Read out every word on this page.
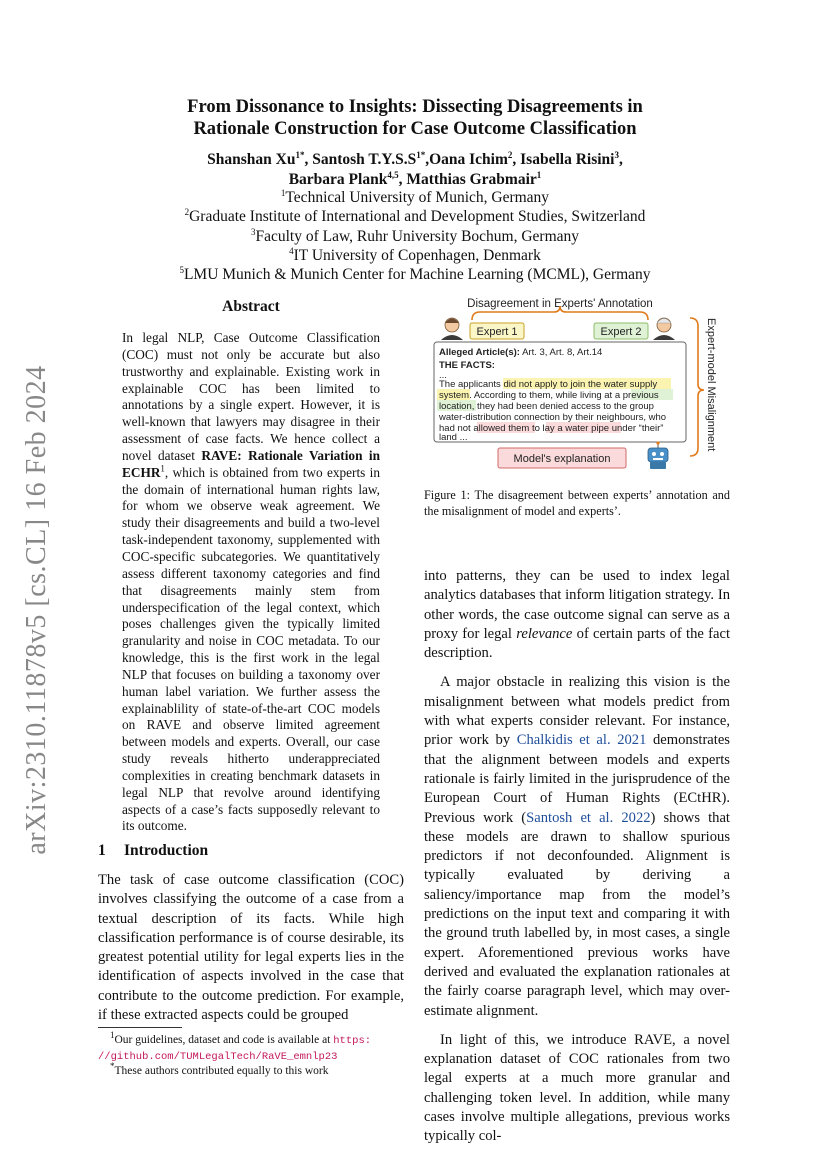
arXiv:2310.11878v5 [cs.CL] 16 Feb 2024
From Dissonance to Insights: Dissecting Disagreements in
Rationale Construction for Case Outcome Classification
Shanshan $Xu^{1*}$, Santosh $T.Y.S.S^{1*},Oana$ Ichim$^2$, Isabella Risini$^3$,
Barbara Plank$^{4,5}$, Matthias Grabmair$^1$
$^1$Technical University of Munich, Germany
$^2$Graduate Institute of International and Development Studies, Switzerland
$^3$Faculty of Law, Ruhr University Bochum, Germany
$^4$IT University of Copenhagen, Denmark
$^5$LMU Munich & Munich Center for Machine Learning (MCML), Germany
Abstract
In legal NLP, Case Outcome Classification (COC) must not only be accurate but also trustworthy and explainable. Existing work in explainable COC has been limited to annotations by a single expert. However, it is well-known that lawyers may disagree in their assessment of case facts. We hence collect a novel dataset RAVE: Rationale Variation in ECHR$^1$, which is obtained from two experts in the domain of international human rights law, for whom we observe weak agreement. We study their disagreements and build a two-level task-independent taxonomy, supplemented with COC-specific subcategories. We quantitatively assess different taxonomy categories and find that disagreements mainly stem from underspecification of the legal context, which poses challenges given the typically limited granularity and noise in COC metadata. To our knowledge, this is the first work in the legal NLP that focuses on building a taxonomy over human label variation. We further assess the explainablility of state-of-the-art COC models on RAVE and observe limited agreement between models and experts. Overall, our case study reveals hitherto underappreciated complexities in creating benchmark datasets in legal NLP that revolve around identifying aspects of a case’s facts supposedly relevant to its outcome.
1 Introduction
The task of case outcome classification (COC) involves classifying the outcome of a case from a textual description of its facts. While high classification performance is of course desirable, its greatest potential utility for legal experts lies in the identification of aspects involved in the case that contribute to the outcome prediction. For example, if these extracted aspects could be grouped
$^1$Our guidelines, dataset and code is available at https:
//github.com/TUMLegalTech/RaVE_emnlp23
*These authors contributed equally to this work
Disagreement in Experts' Annotation
Expert 1	Expert 2	Expert-model Misalignment
Alleged Article(s): Art. 3, Art. 8, Art.14
THE FACTS:
...
The applicants did not apply to join the water supply
system. According to them, while living at a previous
location, they had been denied access to the group
water-distribution connection by their neighbours, who
had not allowed them to lay a water pipe under “their”
land ...
Model's explanation
Figure 1: The disagreement between experts’ annotation and the misalignment of model and experts’.

into patterns, they can be used to index legal analytics databases that inform litigation strategy. In other words, the case outcome signal can serve as a proxy for legal relevance of certain parts of the fact description.

A major obstacle in realizing this vision is the misalignment between what models predict from with what experts consider relevant. For instance, prior work by Chalkidis et al. 2021 demonstrates that the alignment between models and experts rationale is fairly limited in the jurisprudence of the European Court of Human Rights (ECtHR). Previous work (Santosh et al. 2022) shows that these models are drawn to shallow spurious predictors if not deconfounded. Alignment is typically evaluated by deriving a saliency/importance map from the model’s predictions on the input text and comparing it with the ground truth labelled by, in most cases, a single expert. Aforementioned previous works have derived and evaluated the explanation rationales at the fairly coarse paragraph level, which may over-estimate alignment.

In light of this, we introduce RAVE, a novel explanation dataset of COC rationales from two legal experts at a much more granular and challenging token level. In addition, while many cases involve multiple allegations, previous works typically col-
